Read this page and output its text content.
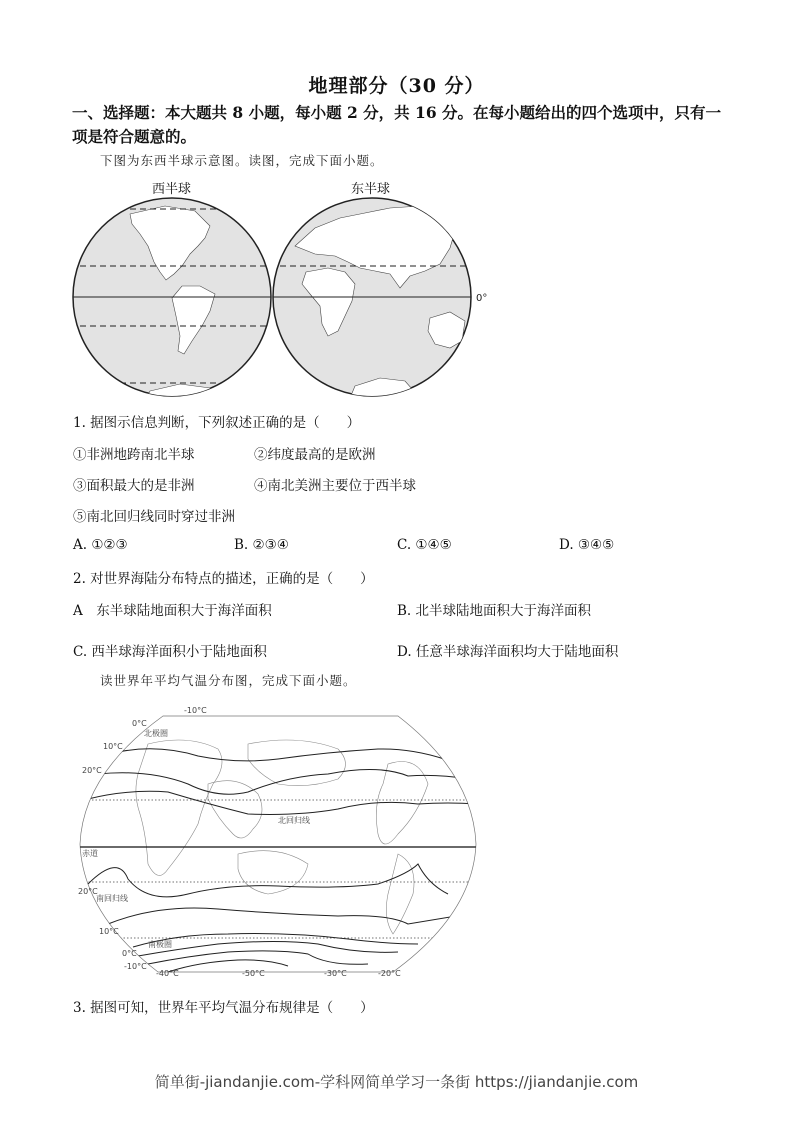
地理部分（30 分）
一、选择题：本大题共 8 小题，每小题 2 分，共 16 分。在每小题给出的四个选项中，只有一项是符合题意的。
下图为东西半球示意图。读图，完成下面小题。
西半球	东半球
0°
1. 据图示信息判断，下列叙述正确的是（　　）
①非洲地跨南北半球	②纬度最高的是欧洲
③面积最大的是非洲	④南北美洲主要位于西半球
⑤南北回归线同时穿过非洲
A. ①②③	B. ②③④	C. ①④⑤	D. ③④⑤
2. 对世界海陆分布特点的描述，正确的是（　　）
A　东半球陆地面积大于海洋面积	B. 北半球陆地面积大于海洋面积
C. 西半球海洋面积小于陆地面积	D. 任意半球海洋面积均大于陆地面积
读世界年平均气温分布图，完成下面小题。
-10°C
0°C
10°C
20°C
20°C
10°C
0°C
-10°C
-40°C	-50°C	-30°C	-20°C
北回归线
赤道
南回归线
南极圈
北极圈
3. 据图可知，世界年平均气温分布规律是（　　）
简单街-jiandanjie.com-学科网简单学习一条街 https://jiandanjie.com
